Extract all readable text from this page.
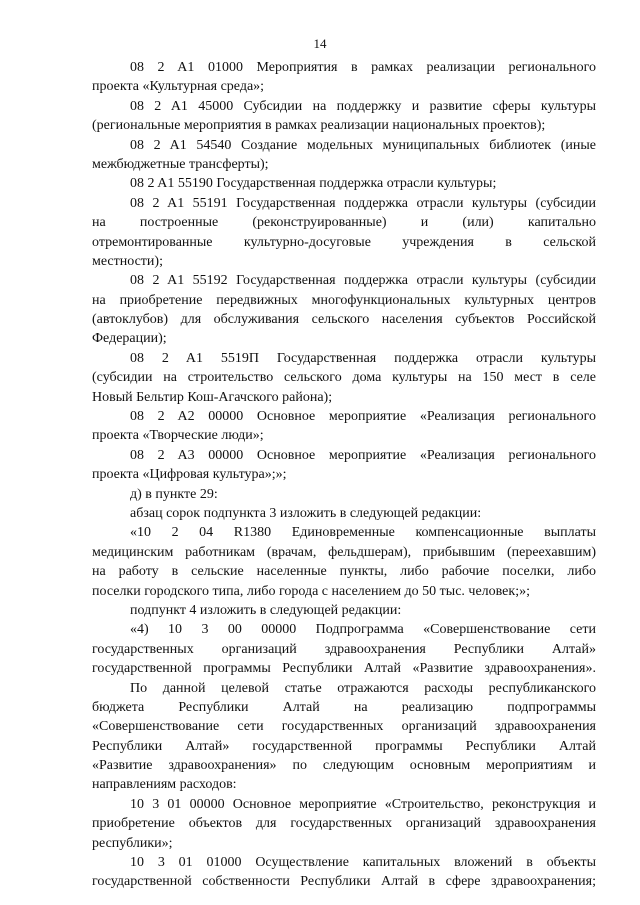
14
08 2 A1 01000 Мероприятия в рамках реализации регионального
проекта «Культурная среда»;
08 2 A1 45000 Субсидии на поддержку и развитие сферы культуры
(региональные мероприятия в рамках реализации национальных проектов);
08 2 A1 54540 Создание модельных муниципальных библиотек (иные
межбюджетные трансферты);
08 2 A1 55190 Государственная поддержка отрасли культуры;
08 2 A1 55191 Государственная поддержка отрасли культуры (субсидии
на построенные (реконструированные) и (или) капитально
отремонтированные культурно-досуговые учреждения в сельской
местности);
08 2 A1 55192 Государственная поддержка отрасли культуры (субсидии
на приобретение передвижных многофункциональных культурных центров
(автоклубов) для обслуживания сельского населения субъектов Российской
Федерации);
08 2 A1 5519П Государственная поддержка отрасли культуры
(субсидии на строительство сельского дома культуры на 150 мест в селе
Новый Бельтир Кош-Агачского района);
08 2 A2 00000 Основное мероприятие «Реализация регионального
проекта «Творческие люди»;
08 2 A3 00000 Основное мероприятие «Реализация регионального
проекта «Цифровая культура»;»;
д) в пункте 29:
абзац сорок подпункта 3 изложить в следующей редакции:
«10 2 04 R1380 Единовременные компенсационные выплаты
медицинским работникам (врачам, фельдшерам), прибывшим (переехавшим)
на работу в сельские населенные пункты, либо рабочие поселки, либо
поселки городского типа, либо города с населением до 50 тыс. человек;»;
подпункт 4 изложить в следующей редакции:
«4) 10 3 00 00000 Подпрограмма «Совершенствование сети
государственных организаций здравоохранения Республики Алтай»
государственной программы Республики Алтай «Развитие здравоохранения».
По данной целевой статье отражаются расходы республиканского
бюджета Республики Алтай на реализацию подпрограммы
«Совершенствование сети государственных организаций здравоохранения
Республики Алтай» государственной программы Республики Алтай
«Развитие здравоохранения» по следующим основным мероприятиям и
направлениям расходов:
10 3 01 00000 Основное мероприятие «Строительство, реконструкция и
приобретение объектов для государственных организаций здравоохранения
республики»;
10 3 01 01000 Осуществление капитальных вложений в объекты
государственной собственности Республики Алтай в сфере здравоохранения;
